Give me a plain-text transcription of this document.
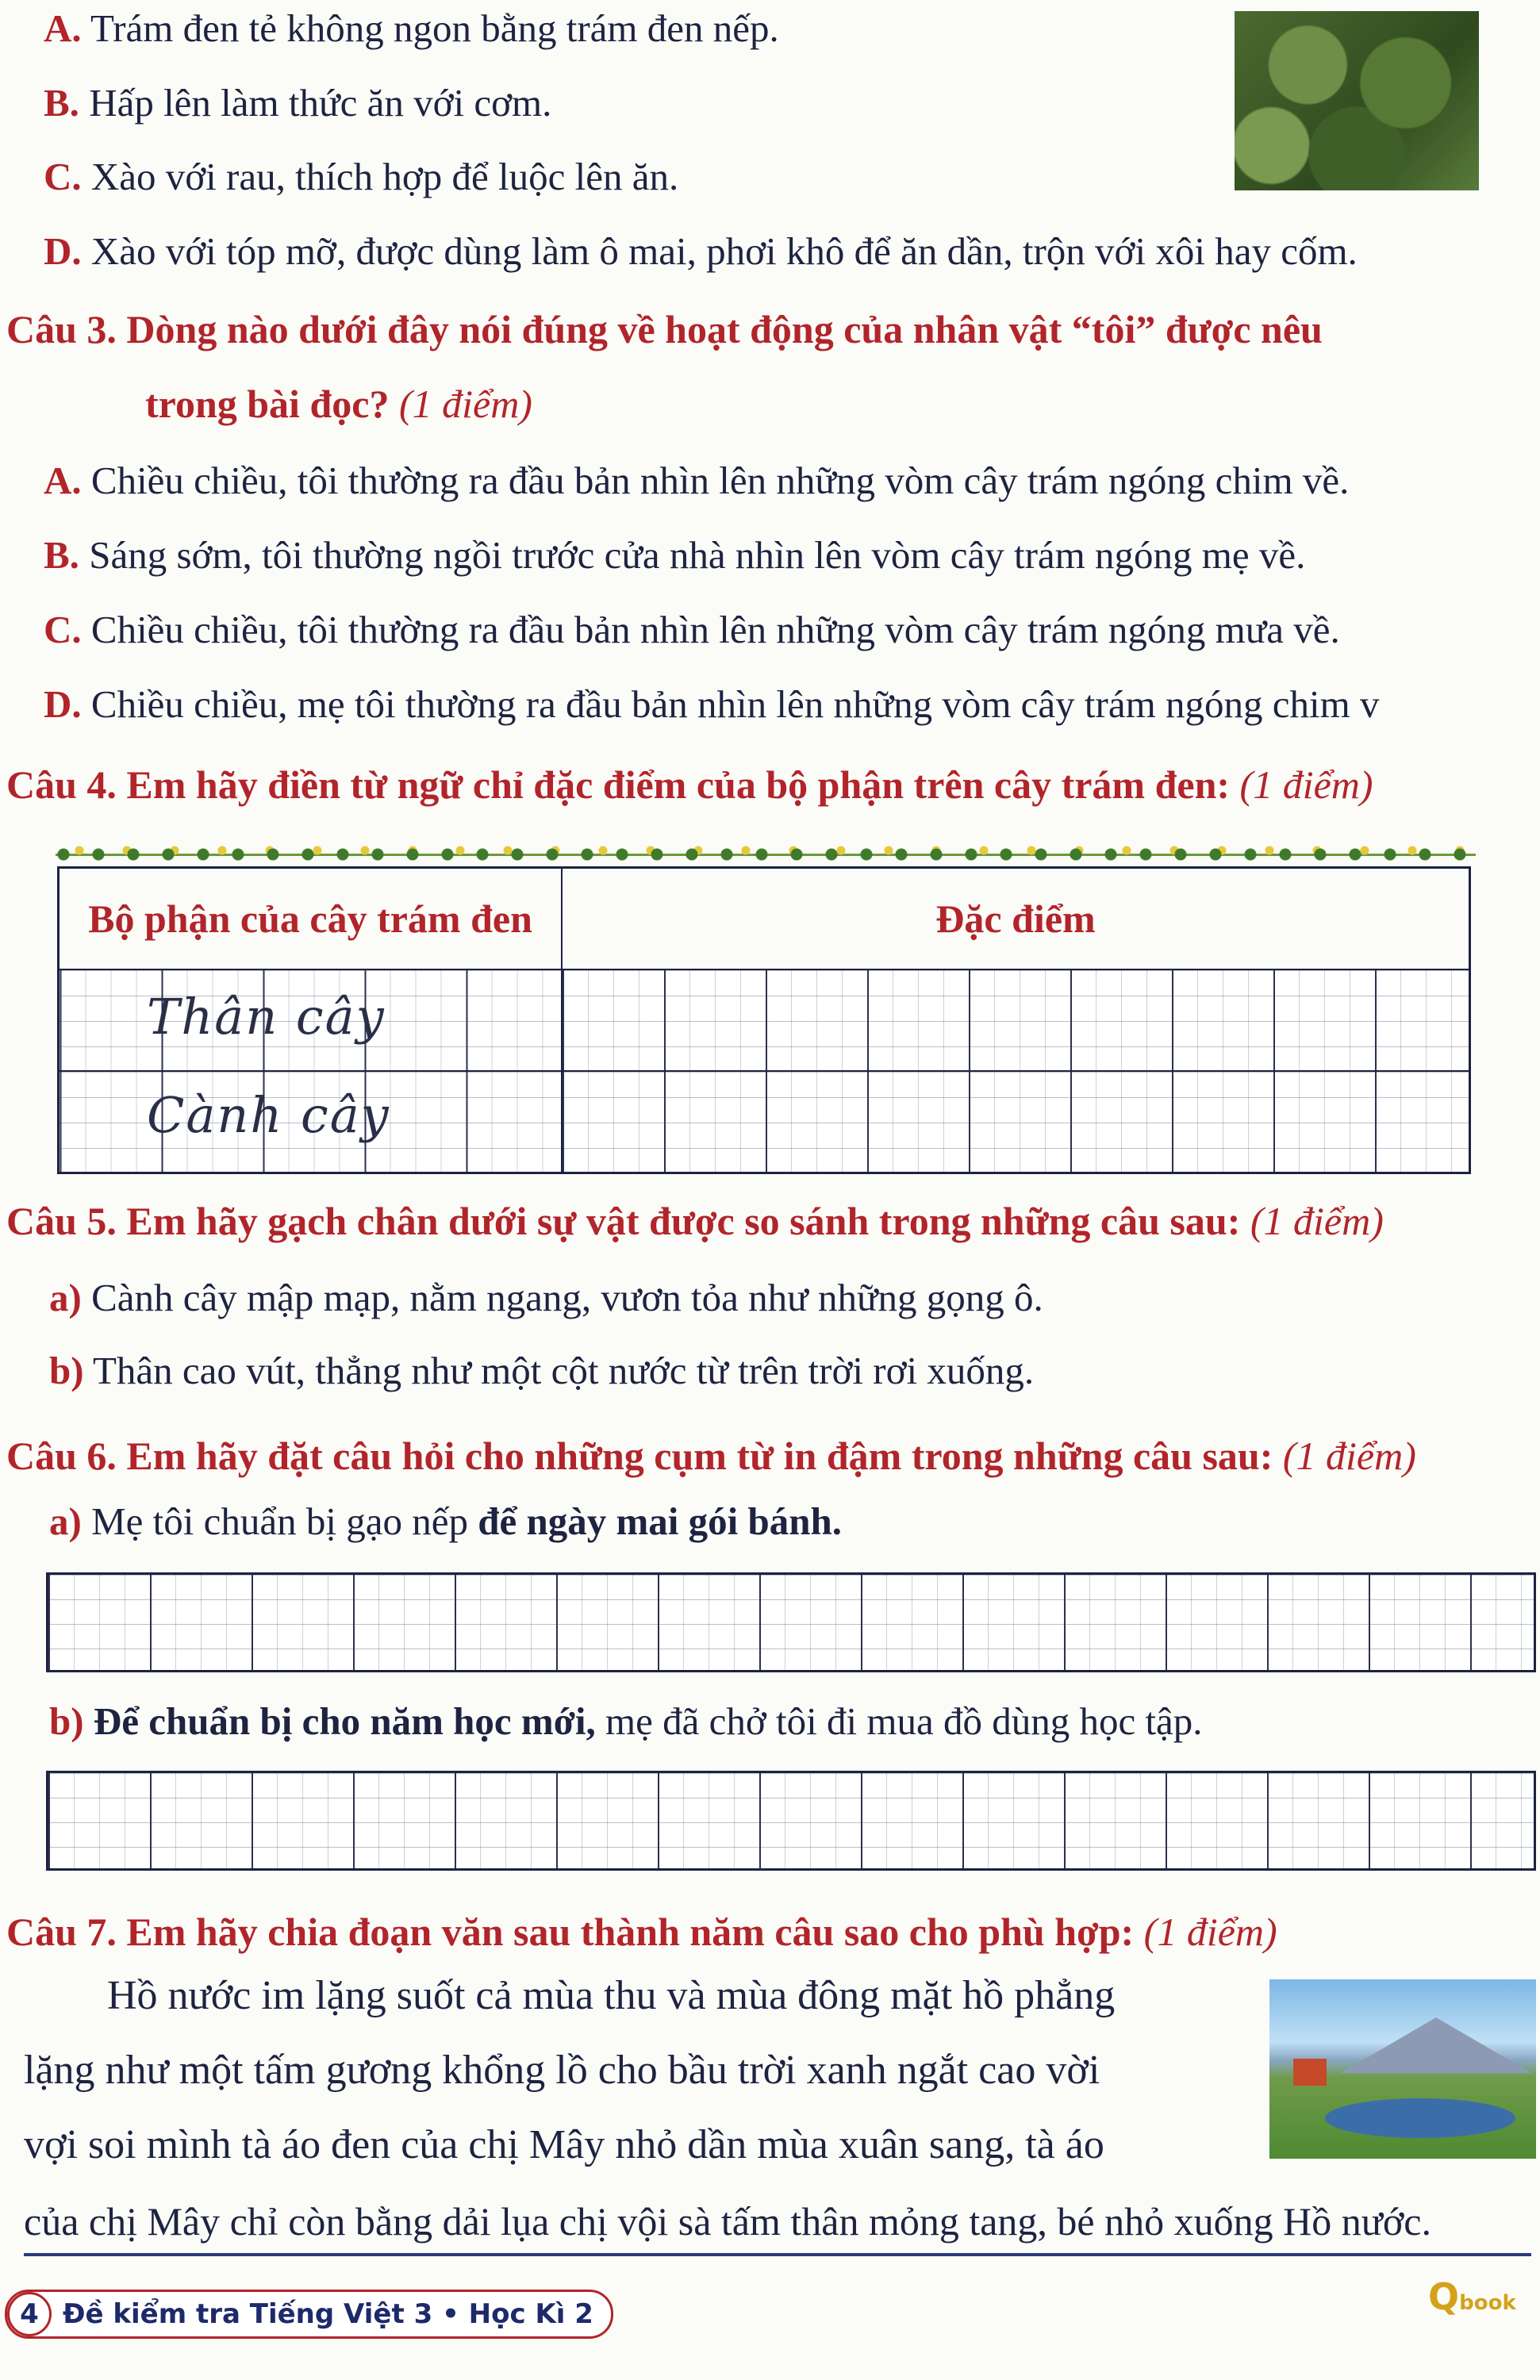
A. Trám đen tẻ không ngon bằng trám đen nếp.
B. Hấp lên làm thức ăn với cơm.
C. Xào với rau, thích hợp để luộc lên ăn.
D. Xào với tóp mỡ, được dùng làm ô mai, phơi khô để ăn dần, trộn với xôi hay cốm.
Câu 3. Dòng nào dưới đây nói đúng về hoạt động của nhân vật “tôi” được nêu
trong bài đọc? (1 điểm)
A. Chiều chiều, tôi thường ra đầu bản nhìn lên những vòm cây trám ngóng chim về.
B. Sáng sớm, tôi thường ngồi trước cửa nhà nhìn lên vòm cây trám ngóng mẹ về.
C. Chiều chiều, tôi thường ra đầu bản nhìn lên những vòm cây trám ngóng mưa về.
D. Chiều chiều, mẹ tôi thường ra đầu bản nhìn lên những vòm cây trám ngóng chim v
Câu 4. Em hãy điền từ ngữ chỉ đặc điểm của bộ phận trên cây trám đen: (1 điểm)
Bộ phận của cây trám đen	Đặc điểm

Thân cây	

Cành cây	

Câu 5. Em hãy gạch chân dưới sự vật được so sánh trong những câu sau: (1 điểm)
a) Cành cây mập mạp, nằm ngang, vươn tỏa như những gọng ô.
b) Thân cao vút, thẳng như một cột nước từ trên trời rơi xuống.
Câu 6. Em hãy đặt câu hỏi cho những cụm từ in đậm trong những câu sau: (1 điểm)
a) Mẹ tôi chuẩn bị gạo nếp để ngày mai gói bánh.
b) Để chuẩn bị cho năm học mới, mẹ đã chở tôi đi mua đồ dùng học tập.
Câu 7. Em hãy chia đoạn văn sau thành năm câu sao cho phù hợp: (1 điểm)
Hồ nước im lặng suốt cả mùa thu và mùa đông mặt hồ phẳng
lặng như một tấm gương khổng lồ cho bầu trời xanh ngắt cao vời
vợi soi mình tà áo đen của chị Mây nhỏ dần mùa xuân sang, tà áo
của chị Mây chỉ còn bằng dải lụa chị vội sà tấm thân mỏng tang, bé nhỏ xuống Hồ nước.
4 Đề kiểm tra Tiếng Việt 3 • Học Kì 2	Qbook
